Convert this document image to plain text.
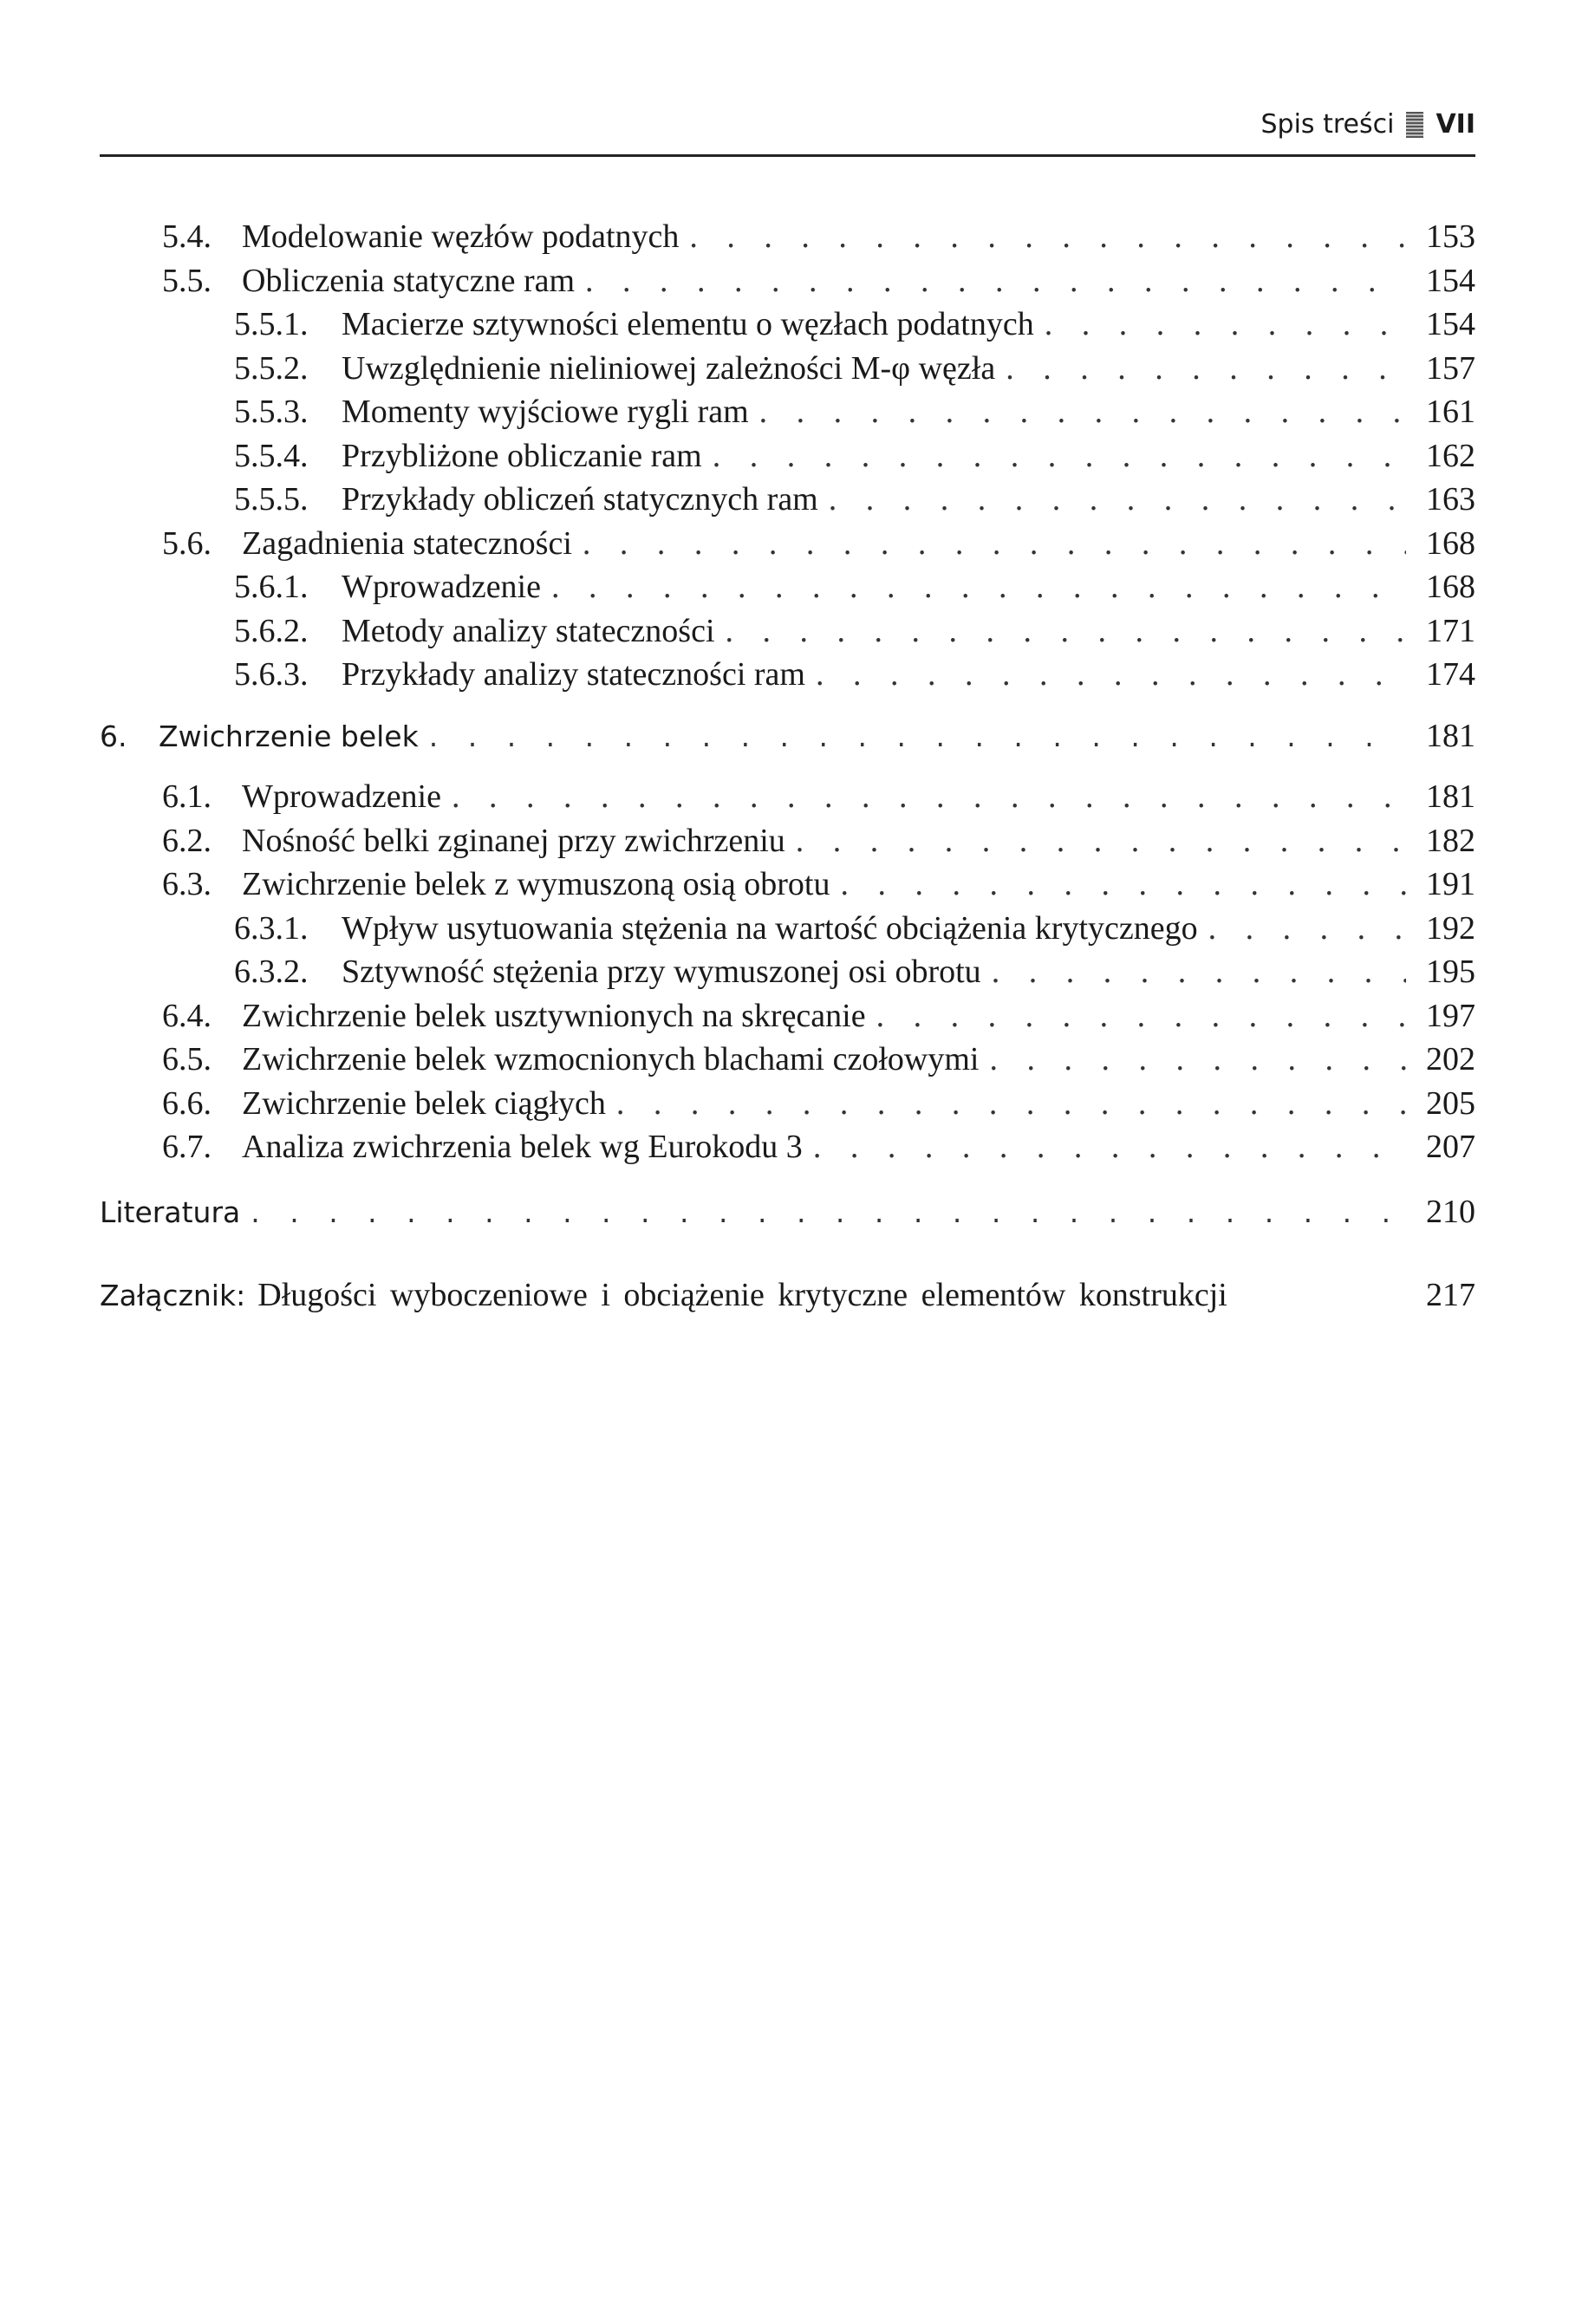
Spis treści VII
5.4. Modelowanie węzłów podatnych . . .	153
5.5. Obliczenia statyczne ram . . .	154
5.5.1.	Macierze sztywności elementu o węzłach podatnych . . .	154
5.5.2.	Uwzględnienie nieliniowej zależności M-φ węzła . . .	157
5.5.3.	Momenty wyjściowe rygli ram . . .	161
5.5.4.	Przybliżone obliczanie ram . . .	162
5.5.5.	Przykłady obliczeń statycznych ram . . .	163
5.6. Zagadnienia stateczności . . .	168
5.6.1.	Wprowadzenie . . .	168
5.6.2.	Metody analizy stateczności . . .	171
5.6.3.	Przykłady analizy stateczności ram . . .	174
6.	Zwichrzenie belek . . .	181
6.1. Wprowadzenie . . .	181
6.2. Nośność belki zginanej przy zwichrzeniu . . .	182
6.3. Zwichrzenie belek z wymuszoną osią obrotu . . .	191
6.3.1.	Wpływ usytuowania stężenia na wartość obciążenia krytycznego . . .	192
6.3.2.	Sztywność stężenia przy wymuszonej osi obrotu . . .	195
6.4. Zwichrzenie belek usztywnionych na skręcanie . . .	197
6.5. Zwichrzenie belek wzmocnionych blachami czołowymi . . .	202
6.6. Zwichrzenie belek ciągłych . . .	205
6.7. Analiza zwichrzenia belek wg Eurokodu 3 . . .	207
Literatura . . .	210
Załącznik: Długości wyboczeniowe i obciążenie krytyczne elementów konstrukcji	217
